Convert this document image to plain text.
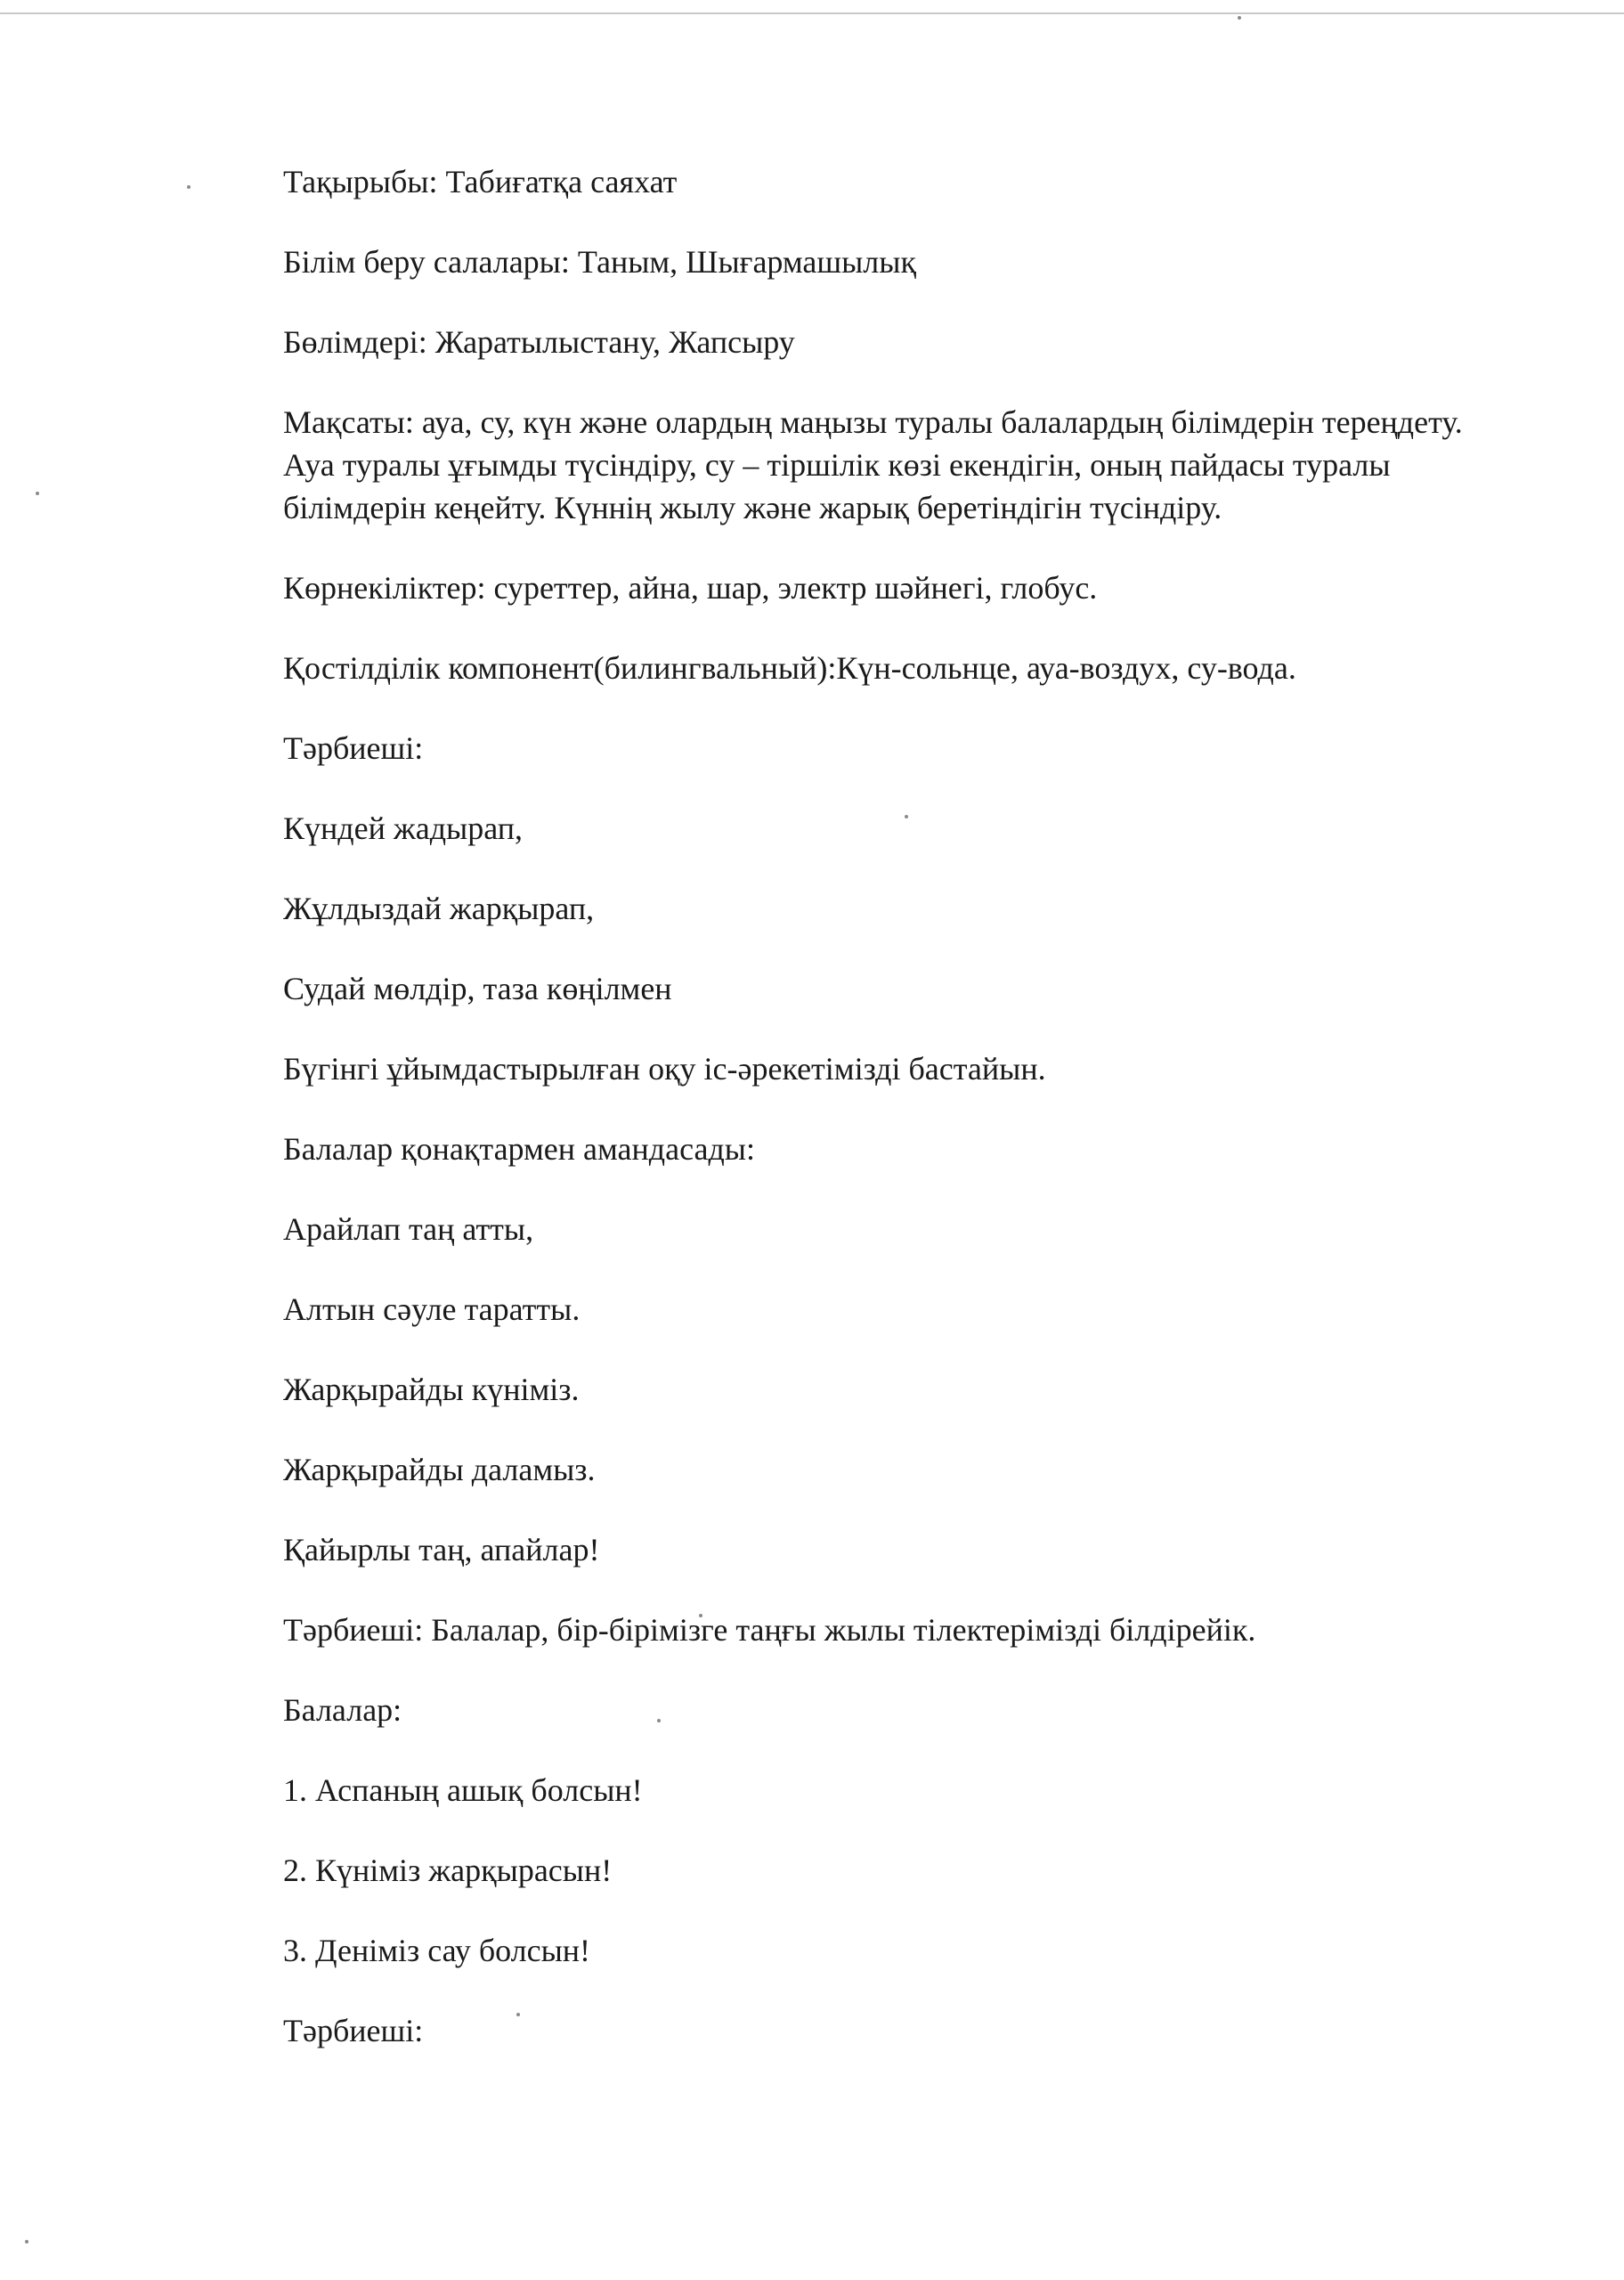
Тақырыбы: Табиғатқа саяхат
Білім беру салалары: Таным, Шығармашылық
Бөлімдері: Жаратылыстану, Жапсыру
Мақсаты: ауа, су, күн және олардың маңызы туралы балалардың білімдерін тереңдету. Ауа туралы ұғымды түсіндіру, су – тіршілік көзі екендігін, оның пайдасы туралы білімдерін кеңейту. Күннің жылу және жарық беретіндігін түсіндіру.
Көрнекіліктер: суреттер, айна, шар, электр шәйнегі, глобус.
Қостілділік компонент(билингвальный):Күн-сольнце, ауа-воздух, су-вода.
Тәрбиеші:
Күндей жадырап,
Жұлдыздай жарқырап,
Судай мөлдір, таза көңілмен
Бүгінгі ұйымдастырылған оқу іс-әрекетімізді бастайын.
Балалар қонақтармен амандасады:
Арайлап таң атты,
Алтын сәуле таратты.
Жарқырайды күніміз.
Жарқырайды даламыз.
Қайырлы таң, апайлар!
Тәрбиеші: Балалар, бір-бірімізге таңғы жылы тілектерімізді білдірейік.
Балалар:
1. Аспаның ашық болсын!
2. Күніміз жарқырасын!
3. Деніміз сау болсын!
Тәрбиеші:
